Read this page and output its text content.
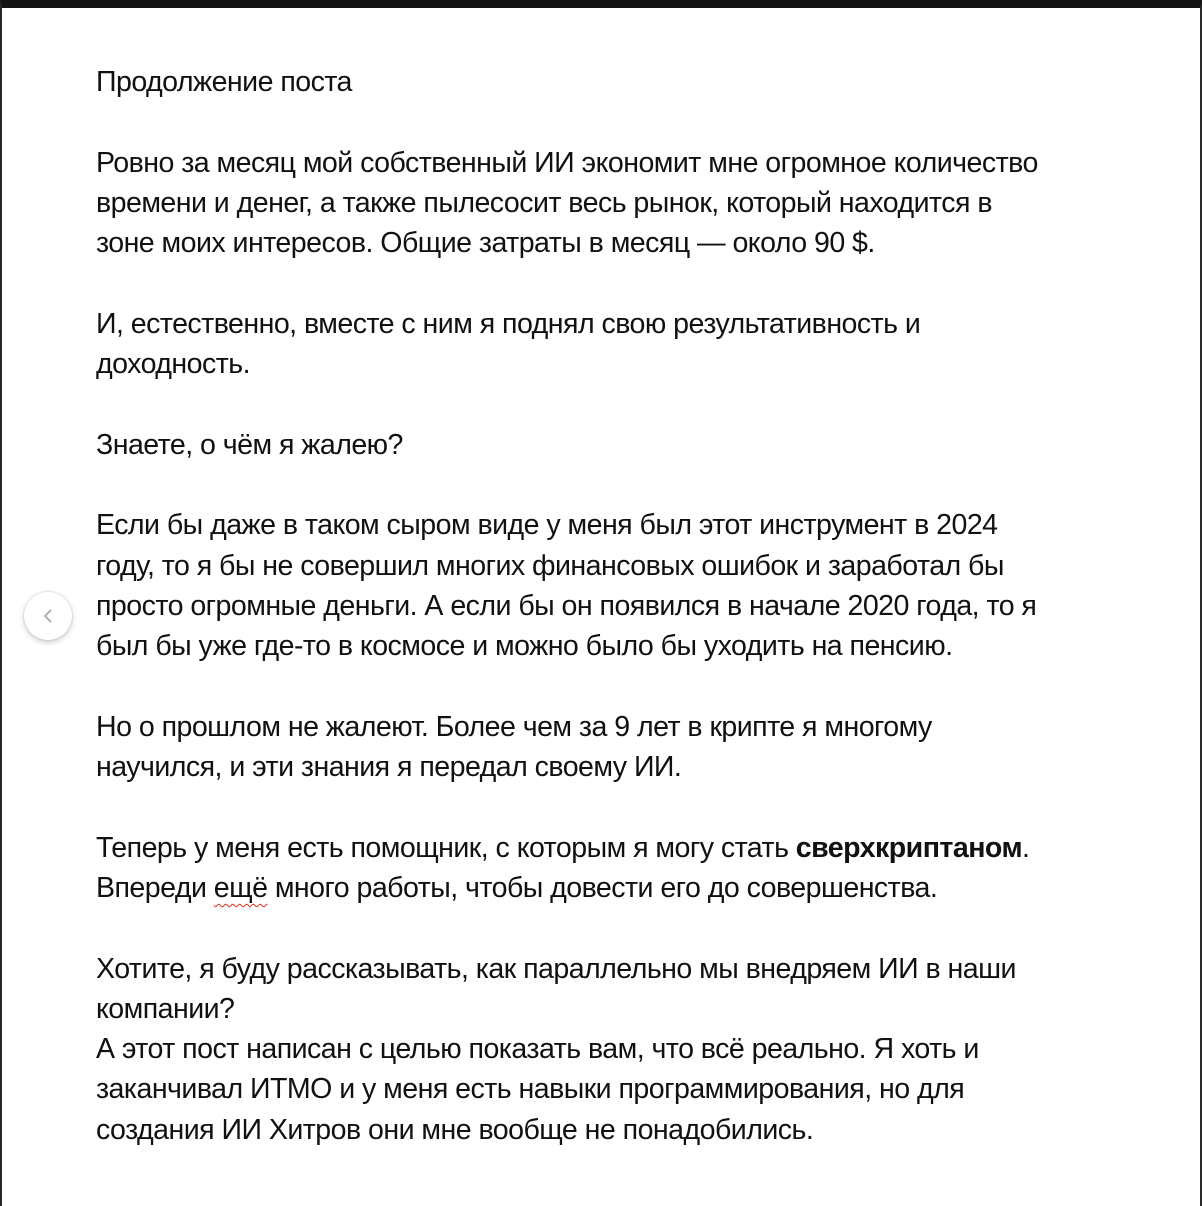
Продолжение поста

Ровно за месяц мой собственный ИИ экономит мне огромное количество
времени и денег, а также пылесосит весь рынок, который находится в
зоне моих интересов. Общие затраты в месяц — около 90 $.

И, естественно, вместе с ним я поднял свою результативность и
доходность.

Знаете, о чём я жалею?

Если бы даже в таком сыром виде у меня был этот инструмент в 2024
году, то я бы не совершил многих финансовых ошибок и заработал бы
просто огромные деньги. А если бы он появился в начале 2020 года, то я
был бы уже где-то в космосе и можно было бы уходить на пенсию.

Но о прошлом не жалеют. Более чем за 9 лет в крипте я многому
научился, и эти знания я передал своему ИИ.

Теперь у меня есть помощник, с которым я могу стать сверхкриптаном.
Впереди ещё много работы, чтобы довести его до совершенства.

Хотите, я буду рассказывать, как параллельно мы внедряем ИИ в наши
компании?
А этот пост написан с целью показать вам, что всё реально. Я хоть и
заканчивал ИТМО и у меня есть навыки программирования, но для
создания ИИ Хитров они мне вообще не понадобились.
